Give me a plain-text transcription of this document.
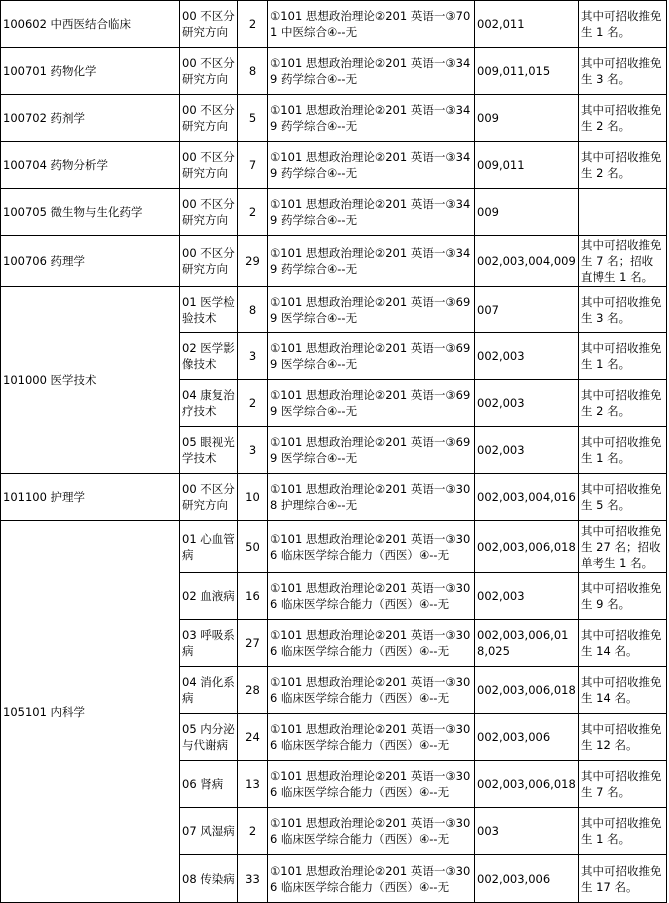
100602 中西医结合临床	00 不区分研究方向	2	①101 思想政治理论②201 英语一③701 中医综合④--无	002,011	其中可招收推免生 1 名。
100701 药物化学	00 不区分研究方向	8	①101 思想政治理论②201 英语一③349 药学综合④--无	009,011,015	其中可招收推免生 3 名。
100702 药剂学	00 不区分研究方向	5	①101 思想政治理论②201 英语一③349 药学综合④--无	009	其中可招收推免生 2 名。
100704 药物分析学	00 不区分研究方向	7	①101 思想政治理论②201 英语一③349 药学综合④--无	009,011	其中可招收推免生 2 名。
100705 微生物与生化药学	00 不区分研究方向	2	①101 思想政治理论②201 英语一③349 药学综合④--无	009	
100706 药理学	00 不区分研究方向	29	①101 思想政治理论②201 英语一③349 药学综合④--无	002,003,004,009	其中可招收推免生 7 名；招收直博生 1 名。
101000 医学技术	01 医学检验技术	8	①101 思想政治理论②201 英语一③699 医学综合④--无	007	其中可招收推免生 3 名。
	02 医学影像技术	3	①101 思想政治理论②201 英语一③699 医学综合④--无	002,003	其中可招收推免生 1 名。
	04 康复治疗技术	2	①101 思想政治理论②201 英语一③699 医学综合④--无	002,003	其中可招收推免生 2 名。
	05 眼视光学技术	3	①101 思想政治理论②201 英语一③699 医学综合④--无	002,003	其中可招收推免生 1 名。
101100 护理学	00 不区分研究方向	10	①101 思想政治理论②201 英语一③308 护理综合④--无	002,003,004,016	其中可招收推免生 5 名。
105101 内科学	01 心血管病	50	①101 思想政治理论②201 英语一③306 临床医学综合能力（西医）④--无	002,003,006,018	其中可招收推免生 27 名；招收单考生 1 名。
	02 血液病	16	①101 思想政治理论②201 英语一③306 临床医学综合能力（西医）④--无	002,003	其中可招收推免生 9 名。
	03 呼吸系病	27	①101 思想政治理论②201 英语一③306 临床医学综合能力（西医）④--无	002,003,006,018,025	其中可招收推免生 14 名。
	04 消化系病	28	①101 思想政治理论②201 英语一③306 临床医学综合能力（西医）④--无	002,003,006,018	其中可招收推免生 14 名。
	05 内分泌与代谢病	24	①101 思想政治理论②201 英语一③306 临床医学综合能力（西医）④--无	002,003,006	其中可招收推免生 12 名。
	06 肾病	13	①101 思想政治理论②201 英语一③306 临床医学综合能力（西医）④--无	002,003,006,018	其中可招收推免生 7 名。
	07 风湿病	2	①101 思想政治理论②201 英语一③306 临床医学综合能力（西医）④--无	003	其中可招收推免生 1 名。
	08 传染病	33	①101 思想政治理论②201 英语一③306 临床医学综合能力（西医）④--无	002,003,006	其中可招收推免生 17 名。
